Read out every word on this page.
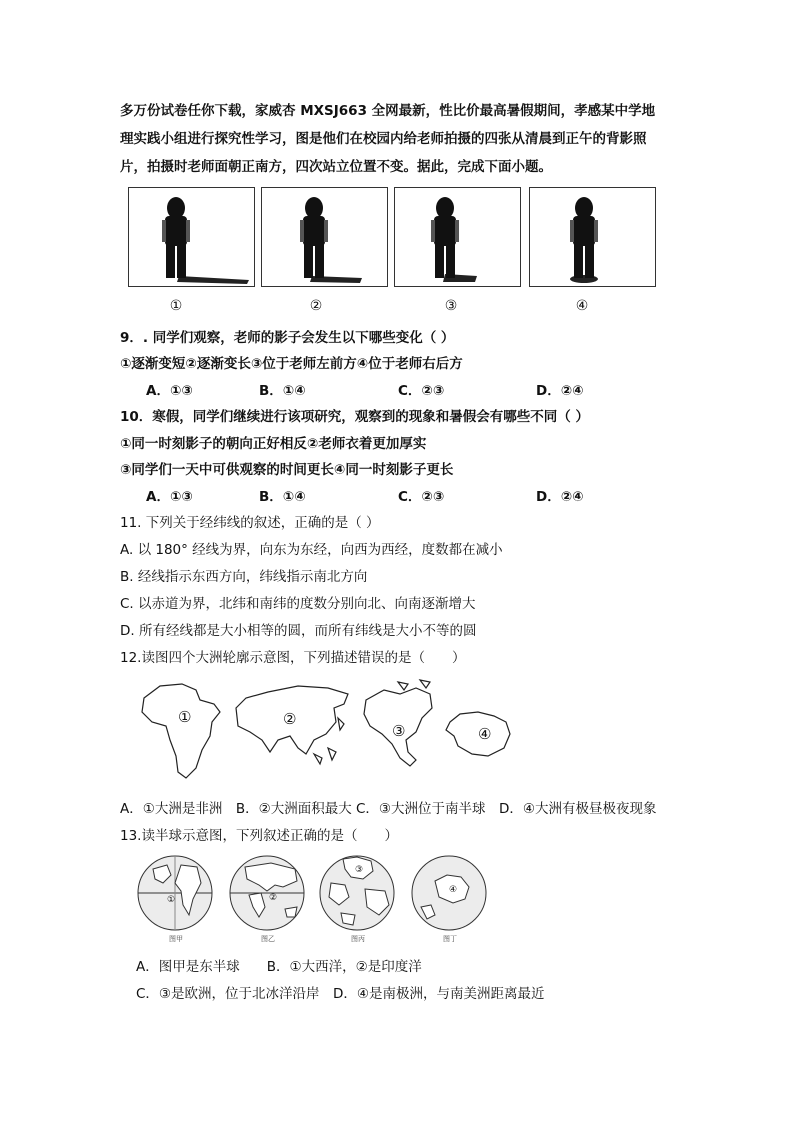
多万份试卷任你下载，家威杏 MXSJ663 全网最新，性比价最高暑假期间，孝感某中学地
理实践小组进行探究性学习，图是他们在校园内给老师拍摄的四张从清晨到正午的背影照
片，拍摄时老师面朝正南方，四次站立位置不变。据此，完成下面小题。
①	②	③	④
9．. 同学们观察，老师的影子会发生以下哪些变化（ ）
①逐渐变短②逐渐变长③位于老师左前方④位于老师右后方
A．①③	B．①④	C．②③	D．②④
10．寒假，同学们继续进行该项研究，观察到的现象和暑假会有哪些不同（ ）
①同一时刻影子的朝向正好相反②老师衣着更加厚实
③同学们一天中可供观察的时间更长④同一时刻影子更长
A．①③	B．①④	C．②③	D．②④
11. 下列关于经纬线的叙述，正确的是（ ）
A. 以 180° 经线为界，向东为东经，向西为西经，度数都在减小
B. 经线指示东西方向，纬线指示南北方向
C. 以赤道为界，北纬和南纬的度数分别向北、向南逐渐增大
D. 所有经线都是大小相等的圆，而所有纬线是大小不等的圆
12.读图四个大洲轮廓示意图，下列描述错误的是（　　）
①	②
③	④
A．①大洲是非洲　B．②大洲面积最大 C．③大洲位于南半球　D．④大洲有极昼极夜现象
13.读半球示意图，下列叙述正确的是（　　）
①	②
③
④
图甲	图乙	图丙	图丁
A．图甲是东半球　　B．①大西洋，②是印度洋
C．③是欧洲，位于北冰洋沿岸　D．④是南极洲，与南美洲距离最近
